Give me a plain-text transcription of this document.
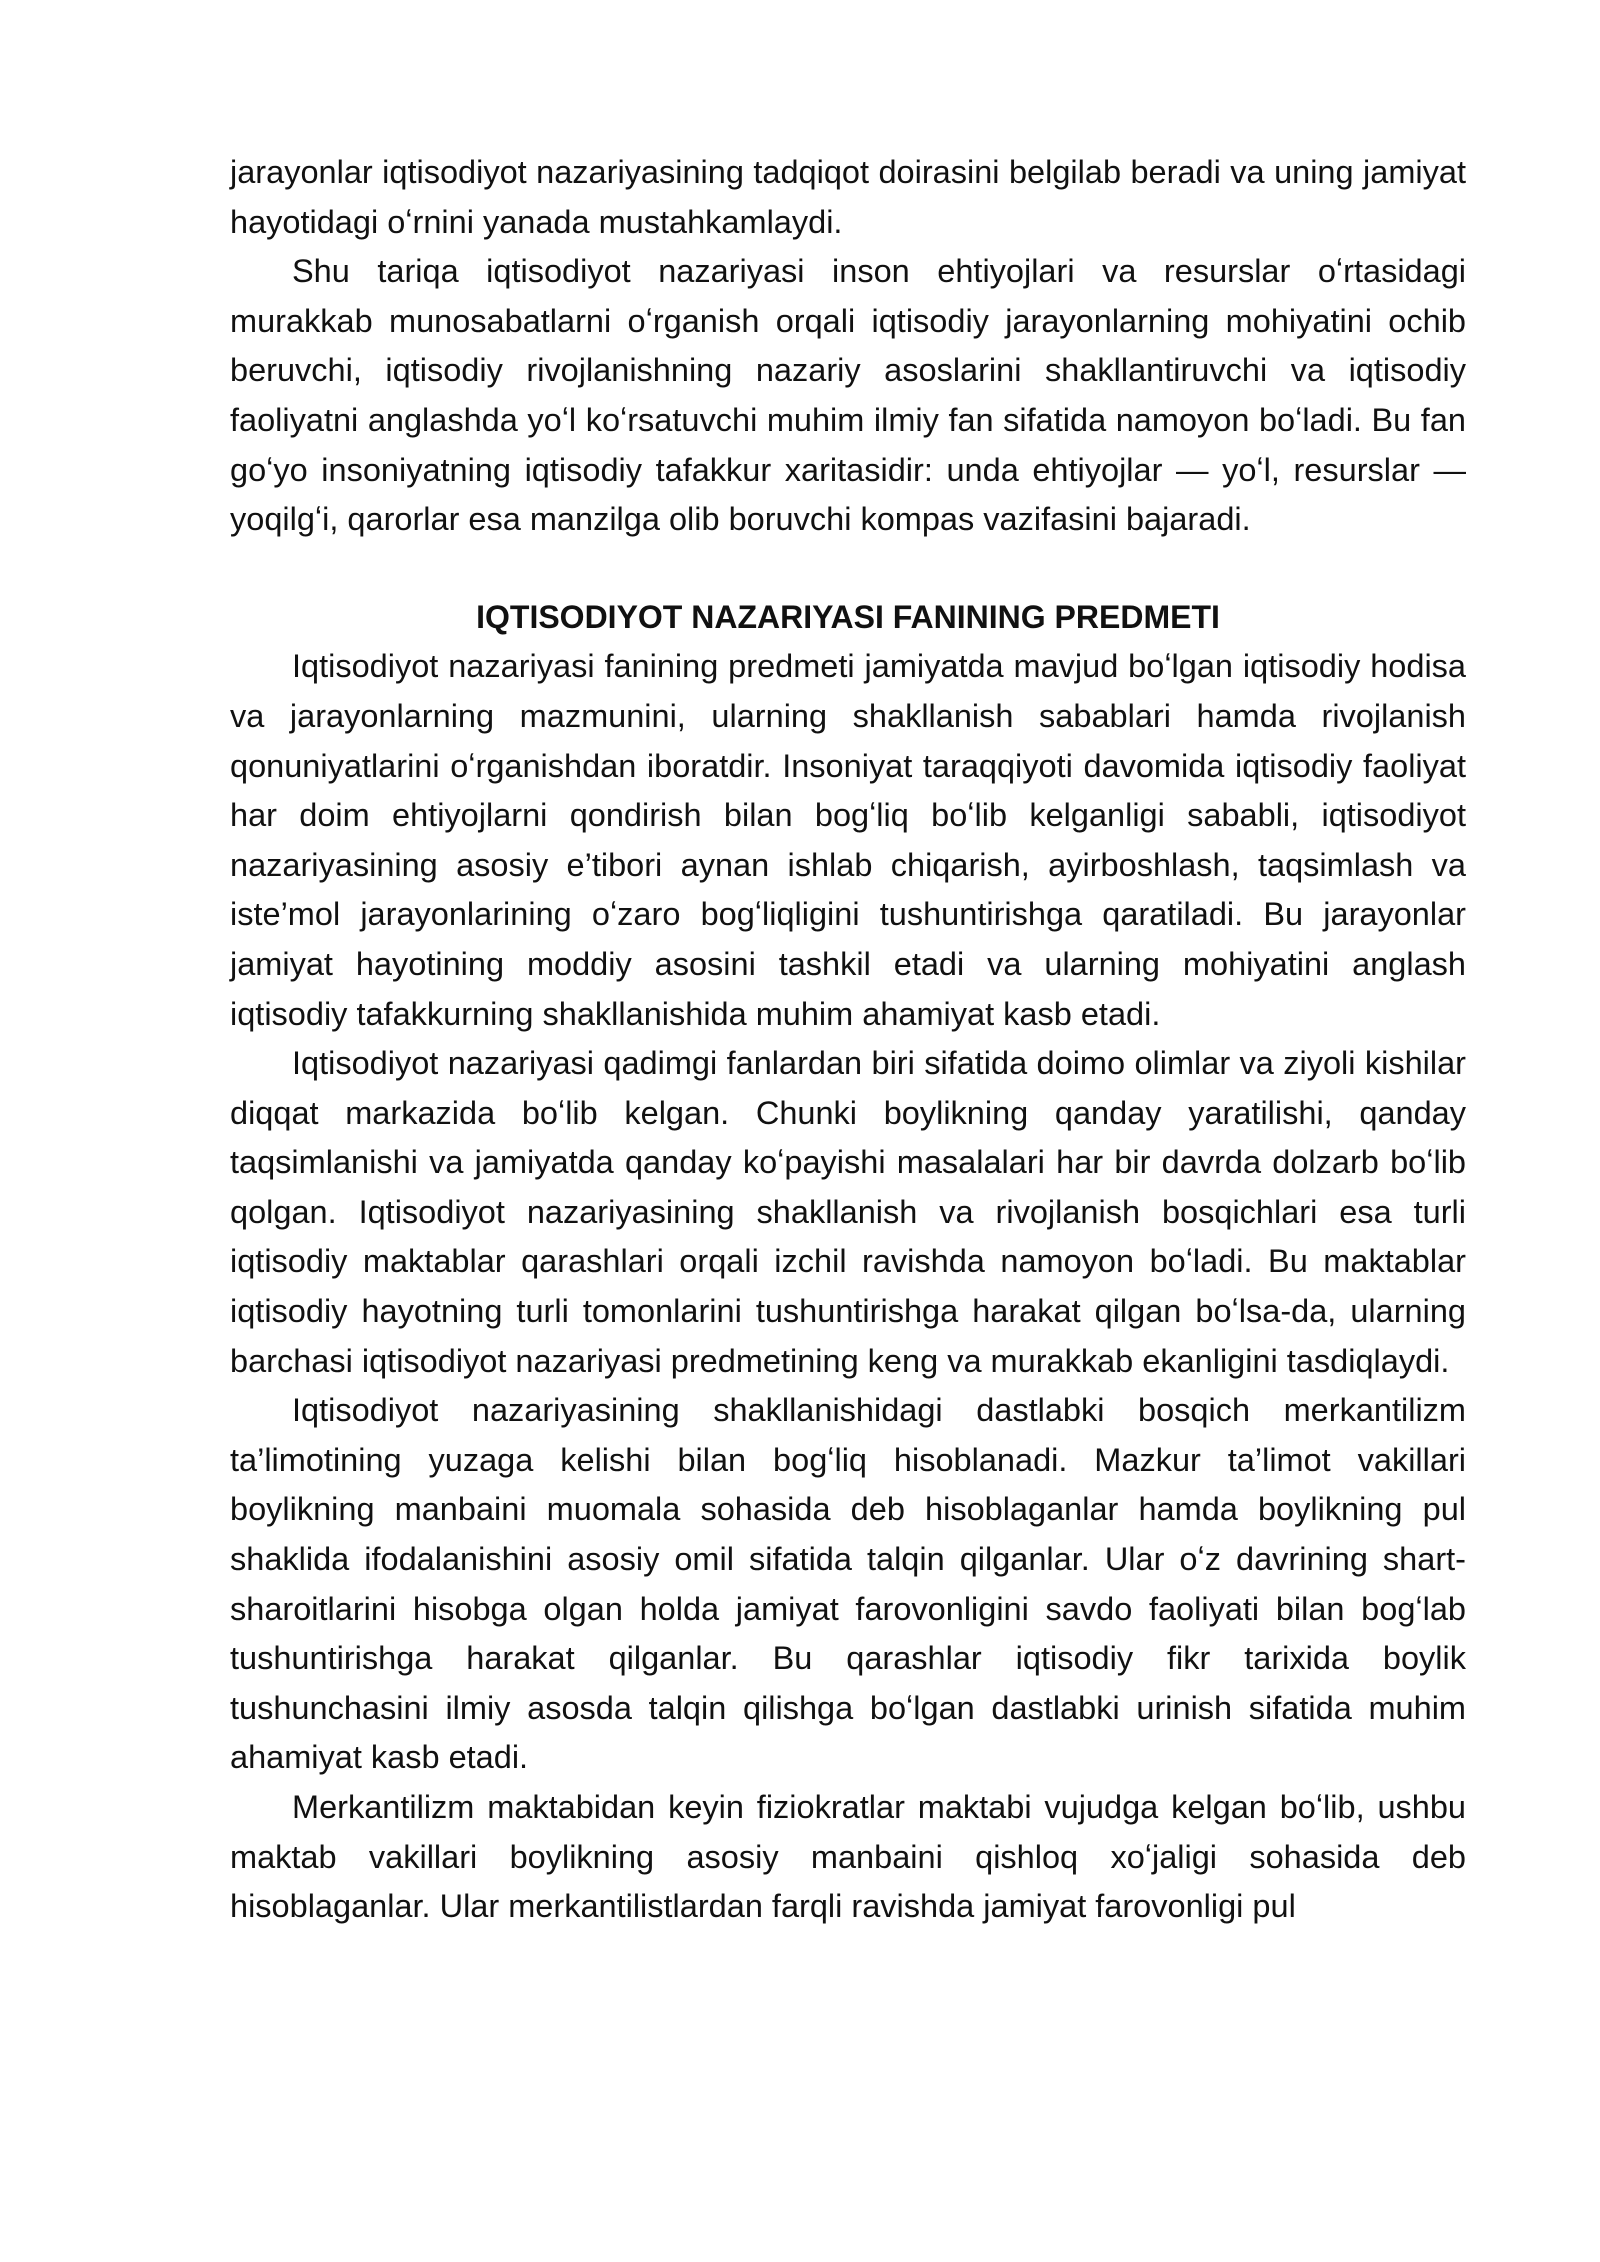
jarayonlar iqtisodiyot nazariyasining tadqiqot doirasini belgilab beradi va uning jamiyat hayotidagi oʻrnini yanada mustahkamlaydi.

Shu tariqa iqtisodiyot nazariyasi inson ehtiyojlari va resurslar oʻrtasidagi murakkab munosabatlarni oʻrganish orqali iqtisodiy jarayonlarning mohiyatini ochib beruvchi, iqtisodiy rivojlanishning nazariy asoslarini shakllantiruvchi va iqtisodiy faoliyatni anglashda yoʻl koʻrsatuvchi muhim ilmiy fan sifatida namoyon boʻladi. Bu fan goʻyo insoniyatning iqtisodiy tafakkur xaritasidir: unda ehtiyojlar — yoʻl, resurslar — yoqilgʻi, qarorlar esa manzilga olib boruvchi kompas vazifasini bajaradi.

IQTISODIYOT NAZARIYASI FANINING PREDMETI

Iqtisodiyot nazariyasi fanining predmeti jamiyatda mavjud boʻlgan iqtisodiy hodisa va jarayonlarning mazmunini, ularning shakllanish sabablari hamda rivojlanish qonuniyatlarini oʻrganishdan iboratdir. Insoniyat taraqqiyoti davomida iqtisodiy faoliyat har doim ehtiyojlarni qondirish bilan bogʻliq boʻlib kelganligi sababli, iqtisodiyot nazariyasining asosiy e’tibori aynan ishlab chiqarish, ayirboshlash, taqsimlash va iste’mol jarayonlarining oʻzaro bogʻliqligini tushuntirishga qaratiladi. Bu jarayonlar jamiyat hayotining moddiy asosini tashkil etadi va ularning mohiyatini anglash iqtisodiy tafakkurning shakllanishida muhim ahamiyat kasb etadi.

Iqtisodiyot nazariyasi qadimgi fanlardan biri sifatida doimo olimlar va ziyoli kishilar diqqat markazida boʻlib kelgan. Chunki boylikning qanday yaratilishi, qanday taqsimlanishi va jamiyatda qanday koʻpayishi masalalari har bir davrda dolzarb boʻlib qolgan. Iqtisodiyot nazariyasining shakllanish va rivojlanish bosqichlari esa turli iqtisodiy maktablar qarashlari orqali izchil ravishda namoyon boʻladi. Bu maktablar iqtisodiy hayotning turli tomonlarini tushuntirishga harakat qilgan boʻlsa-da, ularning barchasi iqtisodiyot nazariyasi predmetining keng va murakkab ekanligini tasdiqlaydi.

Iqtisodiyot nazariyasining shakllanishidagi dastlabki bosqich merkantilizm ta’limotining yuzaga kelishi bilan bogʻliq hisoblanadi. Mazkur ta’limot vakillari boylikning manbaini muomala sohasida deb hisoblaganlar hamda boylikning pul shaklida ifodalanishini asosiy omil sifatida talqin qilganlar. Ular oʻz davrining shart-sharoitlarini hisobga olgan holda jamiyat farovonligini savdo faoliyati bilan bogʻlab tushuntirishga harakat qilganlar. Bu qarashlar iqtisodiy fikr tarixida boylik tushunchasini ilmiy asosda talqin qilishga boʻlgan dastlabki urinish sifatida muhim ahamiyat kasb etadi.

Merkantilizm maktabidan keyin fiziokratlar maktabi vujudga kelgan boʻlib, ushbu maktab vakillari boylikning asosiy manbaini qishloq xoʻjaligi sohasida deb hisoblaganlar. Ular merkantilistlardan farqli ravishda jamiyat farovonligi pul
